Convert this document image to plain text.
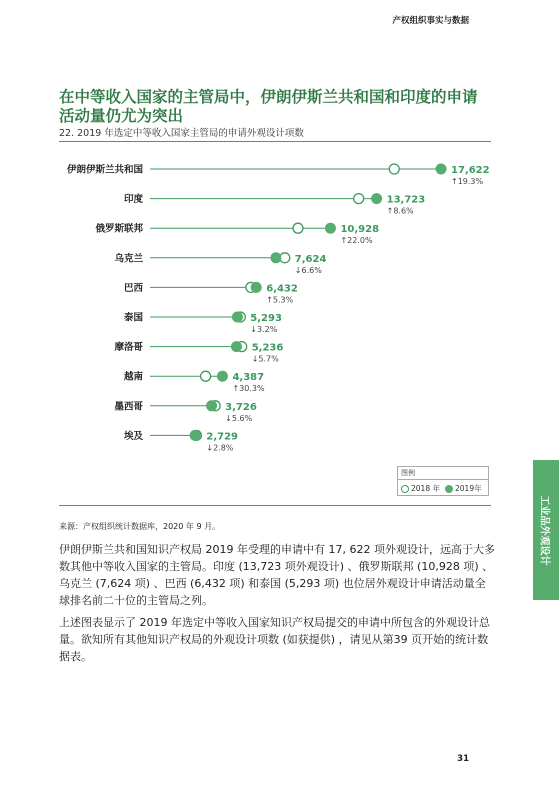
产权组织事实与数据
工业品外观设计
在中等收入国家的主管局中，伊朗伊斯兰共和国和印度的申请活动量仍尤为突出
22. 2019 年选定中等收入国家主管局的申请外观设计项数
伊朗伊斯兰共和国	17,622
↑19.3%
印度	13,723
↑8.6%
俄罗斯联邦	10,928
↑22.0%
乌克兰	7,624
↓6.6%
巴西	6,432
↑5.3%
泰国	5,293
↓3.2%
摩洛哥	5,236
↓5.7%
越南	4,387
↑30.3%
墨西哥	3,726
↓5.6%
埃及	2,729
↓2.8%
图例
2018 年 2019年
来源：产权组织统计数据库，2020 年 9 月。

伊朗伊斯兰共和国知识产权局 2019 年受理的申请中有 17, 622 项外观设计，远高于大多数其他中等收入国家的主管局。印度 (13,723 项外观设计) 、俄罗斯联邦 (10,928 项) 、乌克兰 (7,624 项) 、巴西 (6,432 项) 和泰国 (5,293 项) 也位居外观设计申请活动量全球排名前二十位的主管局之列。

上述图表显示了 2019 年选定中等收入国家知识产权局提交的申请中所包含的外观设计总量。欲知所有其他知识产权局的外观设计项数 (如获提供) ，请见从第39 页开始的统计数据表。

31
